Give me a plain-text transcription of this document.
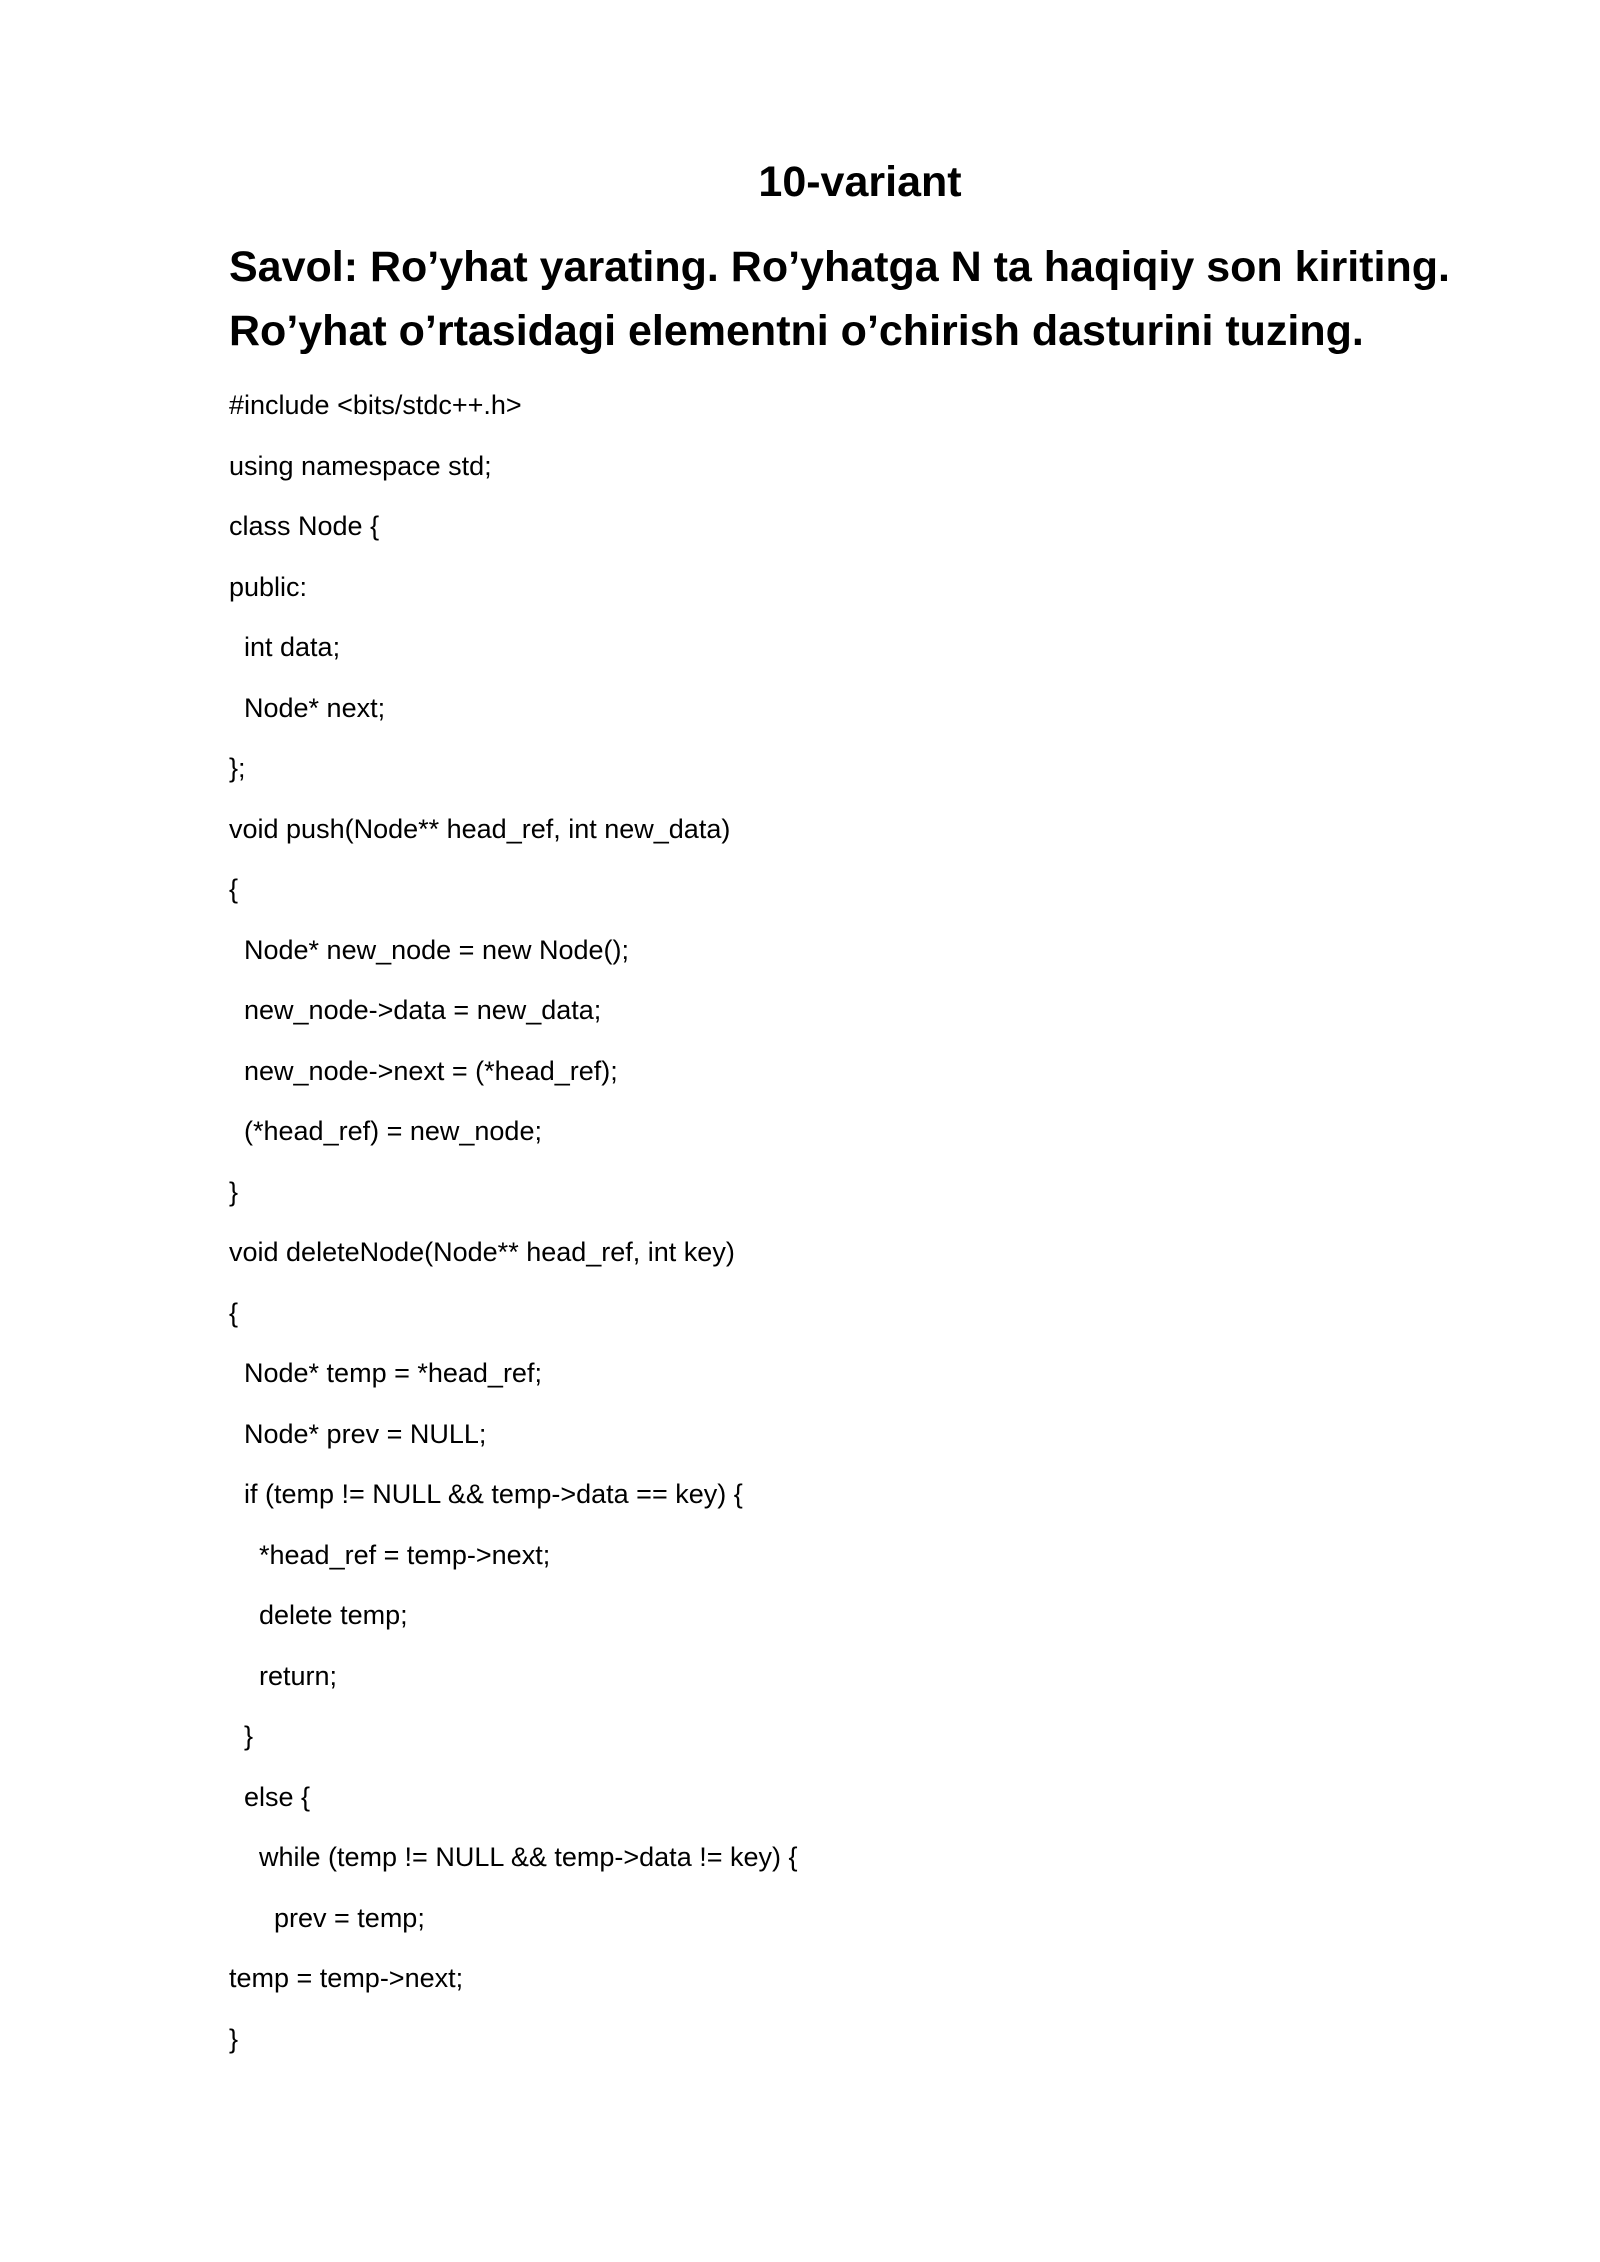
10-variant
Savol: Ro’yhat yarating. Ro’yhatga N ta haqiqiy son kiriting.
Ro’yhat o’rtasidagi elementni o’chirish dasturini tuzing.
#include <bits/stdc++.h>
using namespace std;
class Node {
public:
int data;
Node* next;
};
void push(Node** head_ref, int new_data)
{
Node* new_node = new Node();
new_node->data = new_data;
new_node->next = (*head_ref);
(*head_ref) = new_node;
}
void deleteNode(Node** head_ref, int key)
{
Node* temp = *head_ref;
Node* prev = NULL;
if (temp != NULL && temp->data == key) {
*head_ref = temp->next;
delete temp;
return;
}
else {
while (temp != NULL && temp->data != key) {
prev = temp;
temp = temp->next;
}
